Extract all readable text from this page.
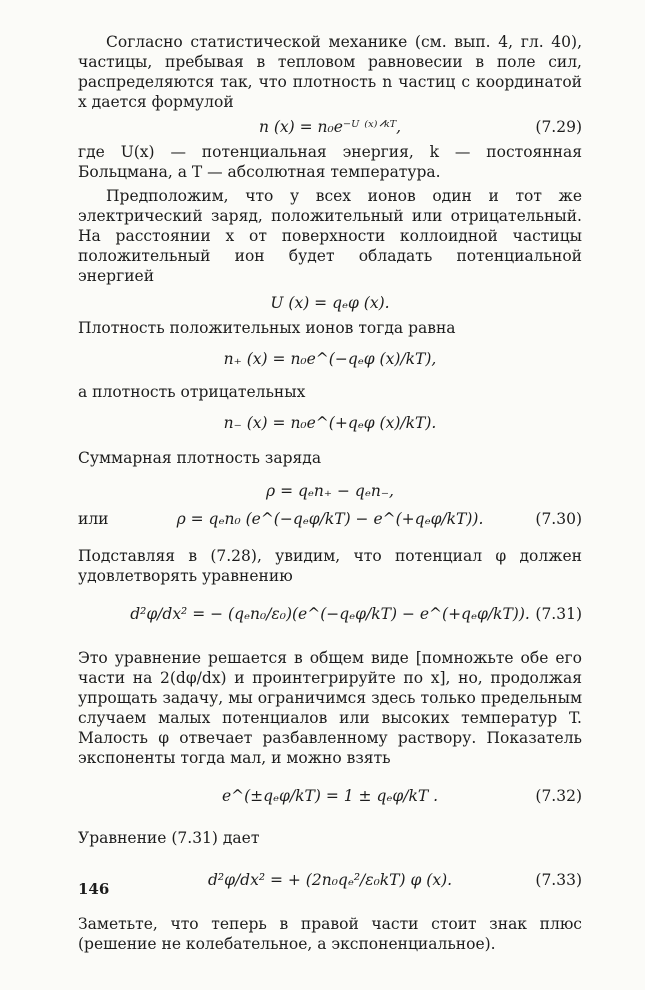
Согласно статистической механике (см. вып. 4, гл. 40), частицы, пребывая в тепловом равновесии в поле сил, распределяются так, что плотность n частиц с координатой x дается формулой

n (x) = n₀e⁻ᵁ ⁽ˣ⁾ᐟᵏᵀ,	(7.29)

где U(x) — потенциальная энергия, k — постоянная Больцмана, а T — абсолютная температура.

Предположим, что у всех ионов один и тот же электрический заряд, положительный или отрицательный. На расстоянии x от поверхности коллоидной частицы положительный ион будет обладать потенциальной энергией

U (x) = qₑφ (x).

Плотность положительных ионов тогда равна

n₊ (x) = n₀e^(−qₑφ (x)/kT),

а плотность отрицательных

n₋ (x) = n₀e^(+qₑφ (x)/kT).

Суммарная плотность заряда

ρ = qₑn₊ − qₑn₋,
или	ρ = qₑn₀ (e^(−qₑφ/kT) − e^(+qₑφ/kT)).	(7.30)

Подставляя в (7.28), увидим, что потенциал φ должен удовлетворять уравнению

d²φ/dx² = − (qₑn₀/ε₀)(e^(−qₑφ/kT) − e^(+qₑφ/kT)). (7.31)

Это уравнение решается в общем виде [помножьте обе его части на 2(dφ/dx) и проинтегрируйте по x], но, продолжая упрощать задачу, мы ограничимся здесь только предельным случаем малых потенциалов или высоких температур T. Малость φ отвечает разбавленному раствору. Показатель экспоненты тогда мал, и можно взять

e^(±qₑφ/kT) = 1 ± qₑφ/kT .	(7.32)

Уравнение (7.31) дает

d²φ/dx² = + (2n₀qₑ²/ε₀kT) φ (x).	(7.33)

Заметьте, что теперь в правой части стоит знак плюс (решение не колебательное, а экспоненциальное).

146
